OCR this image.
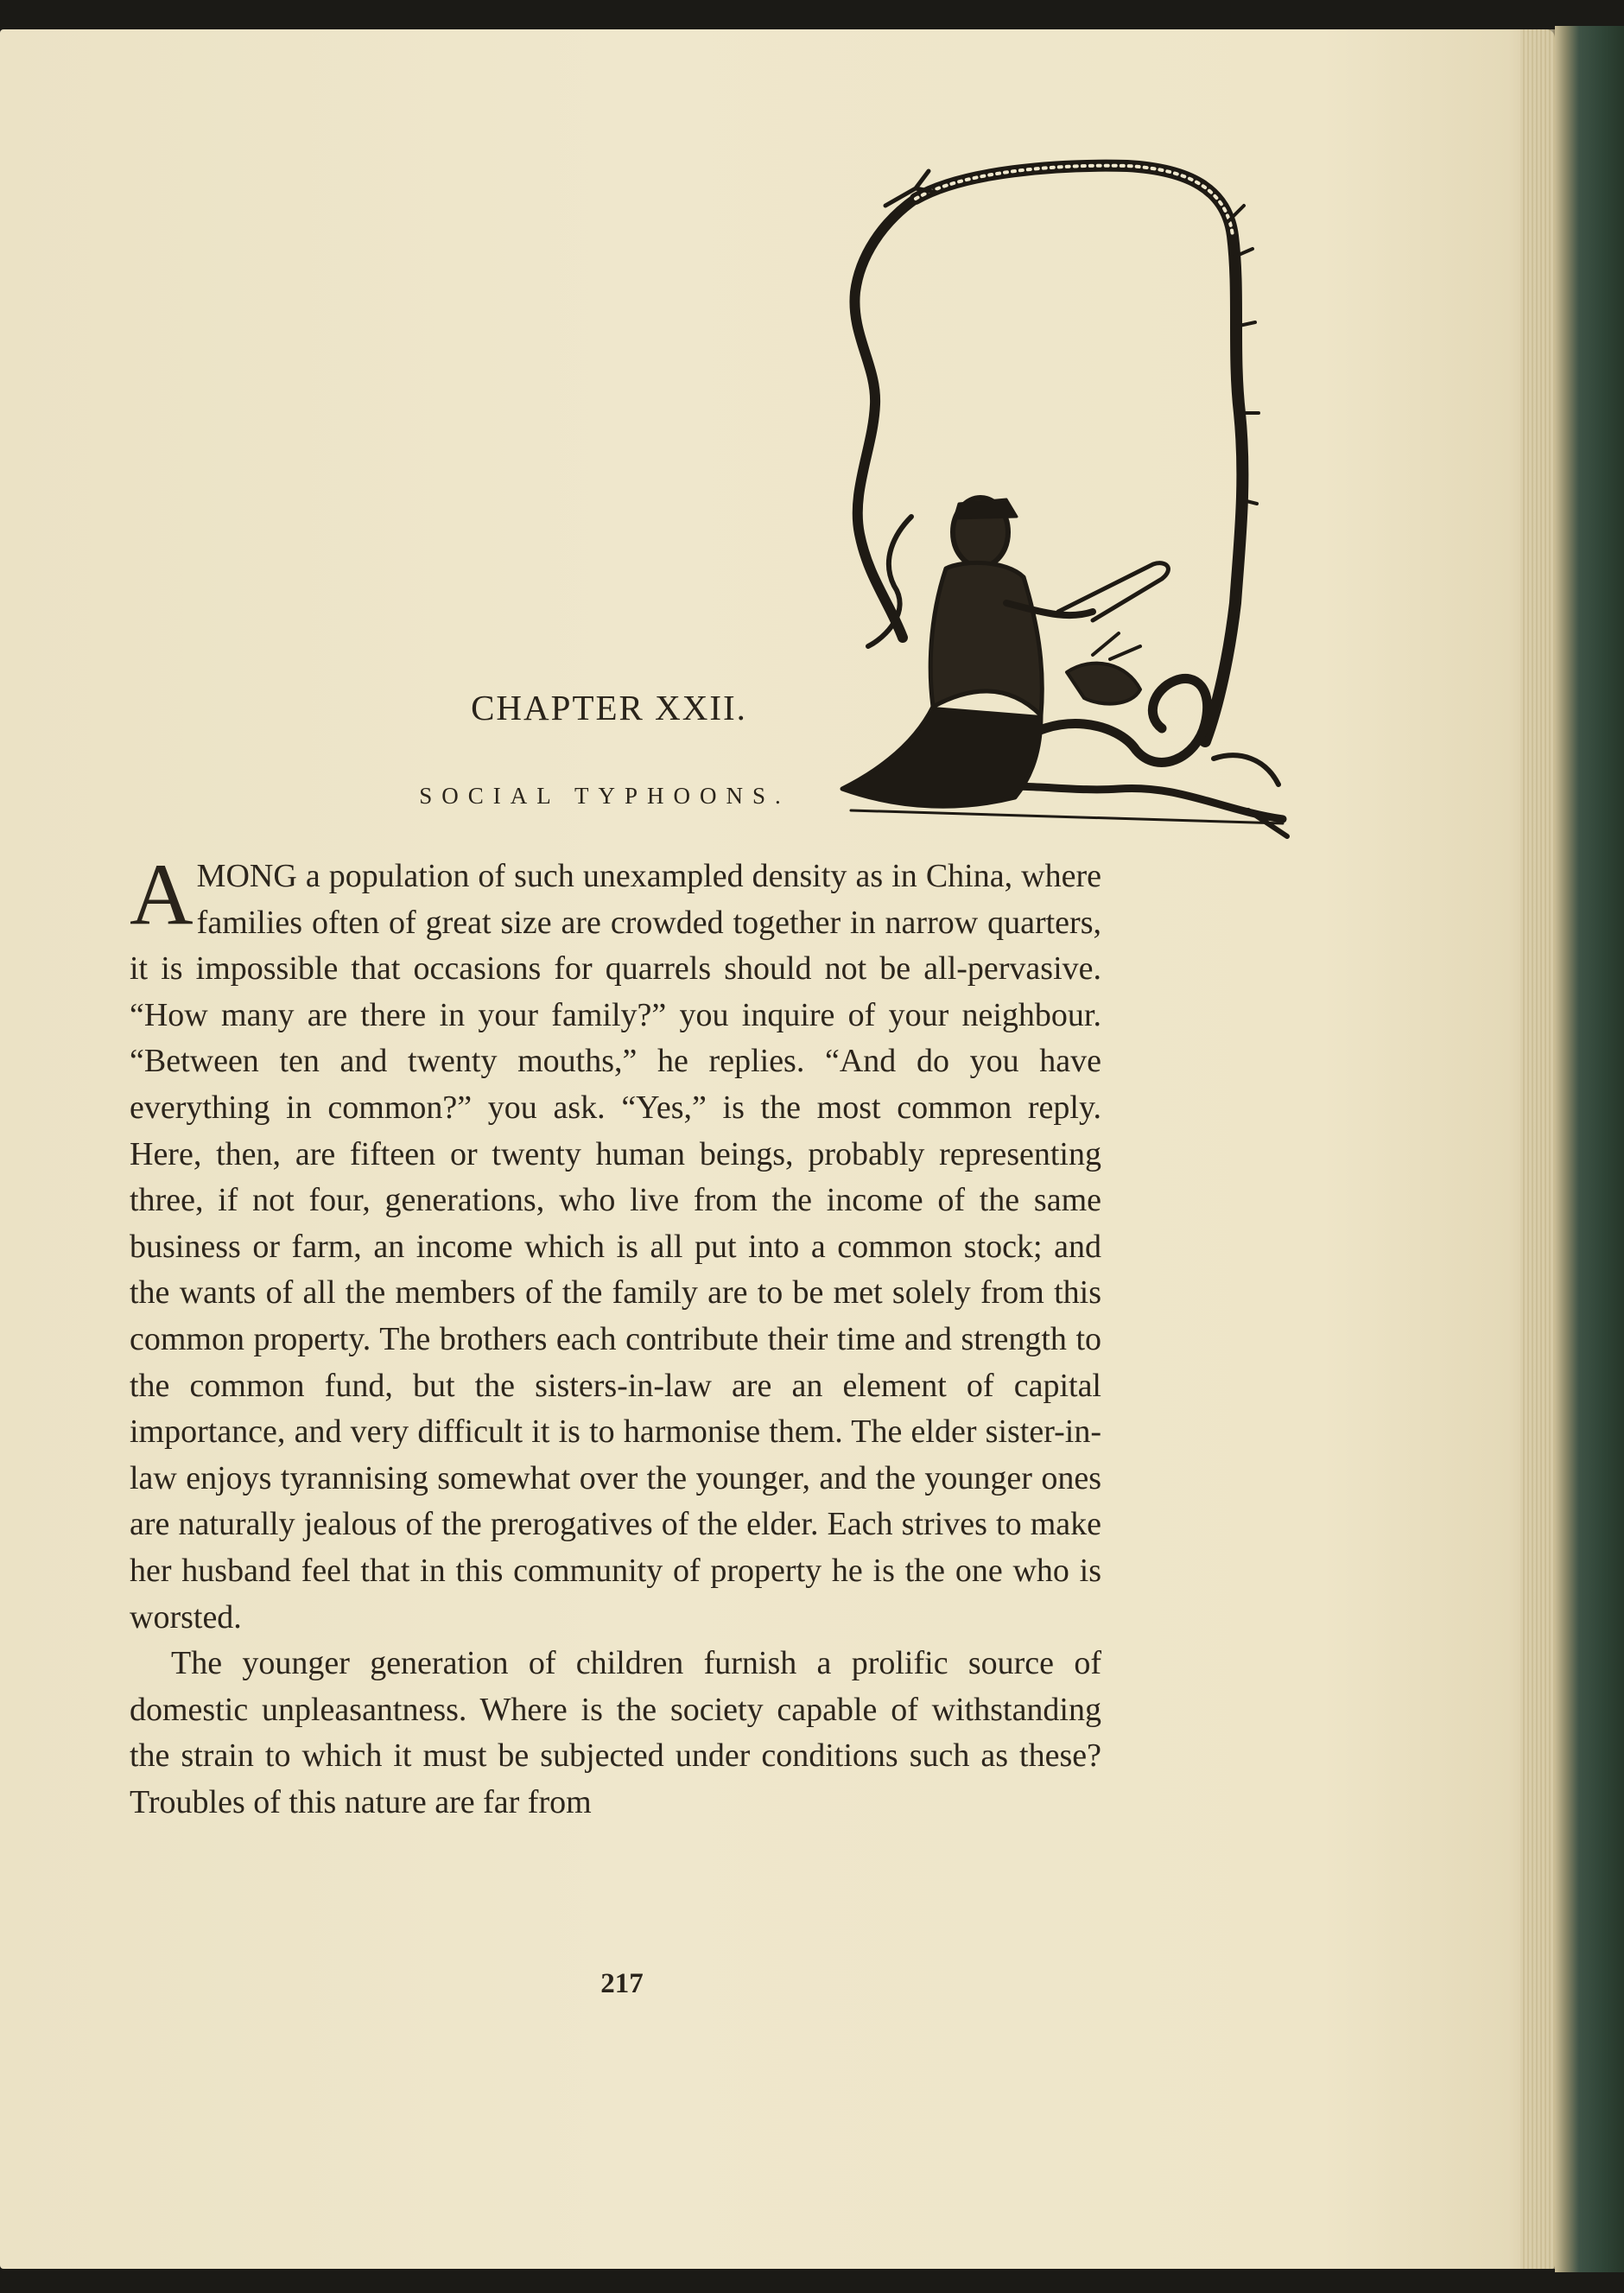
CHAPTER XXII.
SOCIAL TYPHOONS.

AMONG a population of such unexampled density as in China, where families often of great size are crowded together in narrow quarters, it is impossible that occasions for quarrels should not be all-pervasive. “How many are there in your family?” you inquire of your neighbour. “Between ten and twenty mouths,” he replies. “And do you have everything in common?” you ask. “Yes,” is the most common reply. Here, then, are fifteen or twenty human beings, probably representing three, if not four, generations, who live from the income of the same business or farm, an income which is all put into a common stock; and the wants of all the members of the family are to be met solely from this common property. The brothers each contribute their time and strength to the common fund, but the sisters-in-law are an element of capital importance, and very difficult it is to harmonise them. The elder sister-in-law enjoys tyrannising somewhat over the younger, and the younger ones are naturally jealous of the prerogatives of the elder. Each strives to make her husband feel that in this community of property he is the one who is worsted.

The younger generation of children furnish a prolific source of domestic unpleasantness. Where is the society capable of withstanding the strain to which it must be subjected under conditions such as these? Troubles of this nature are far from

217
